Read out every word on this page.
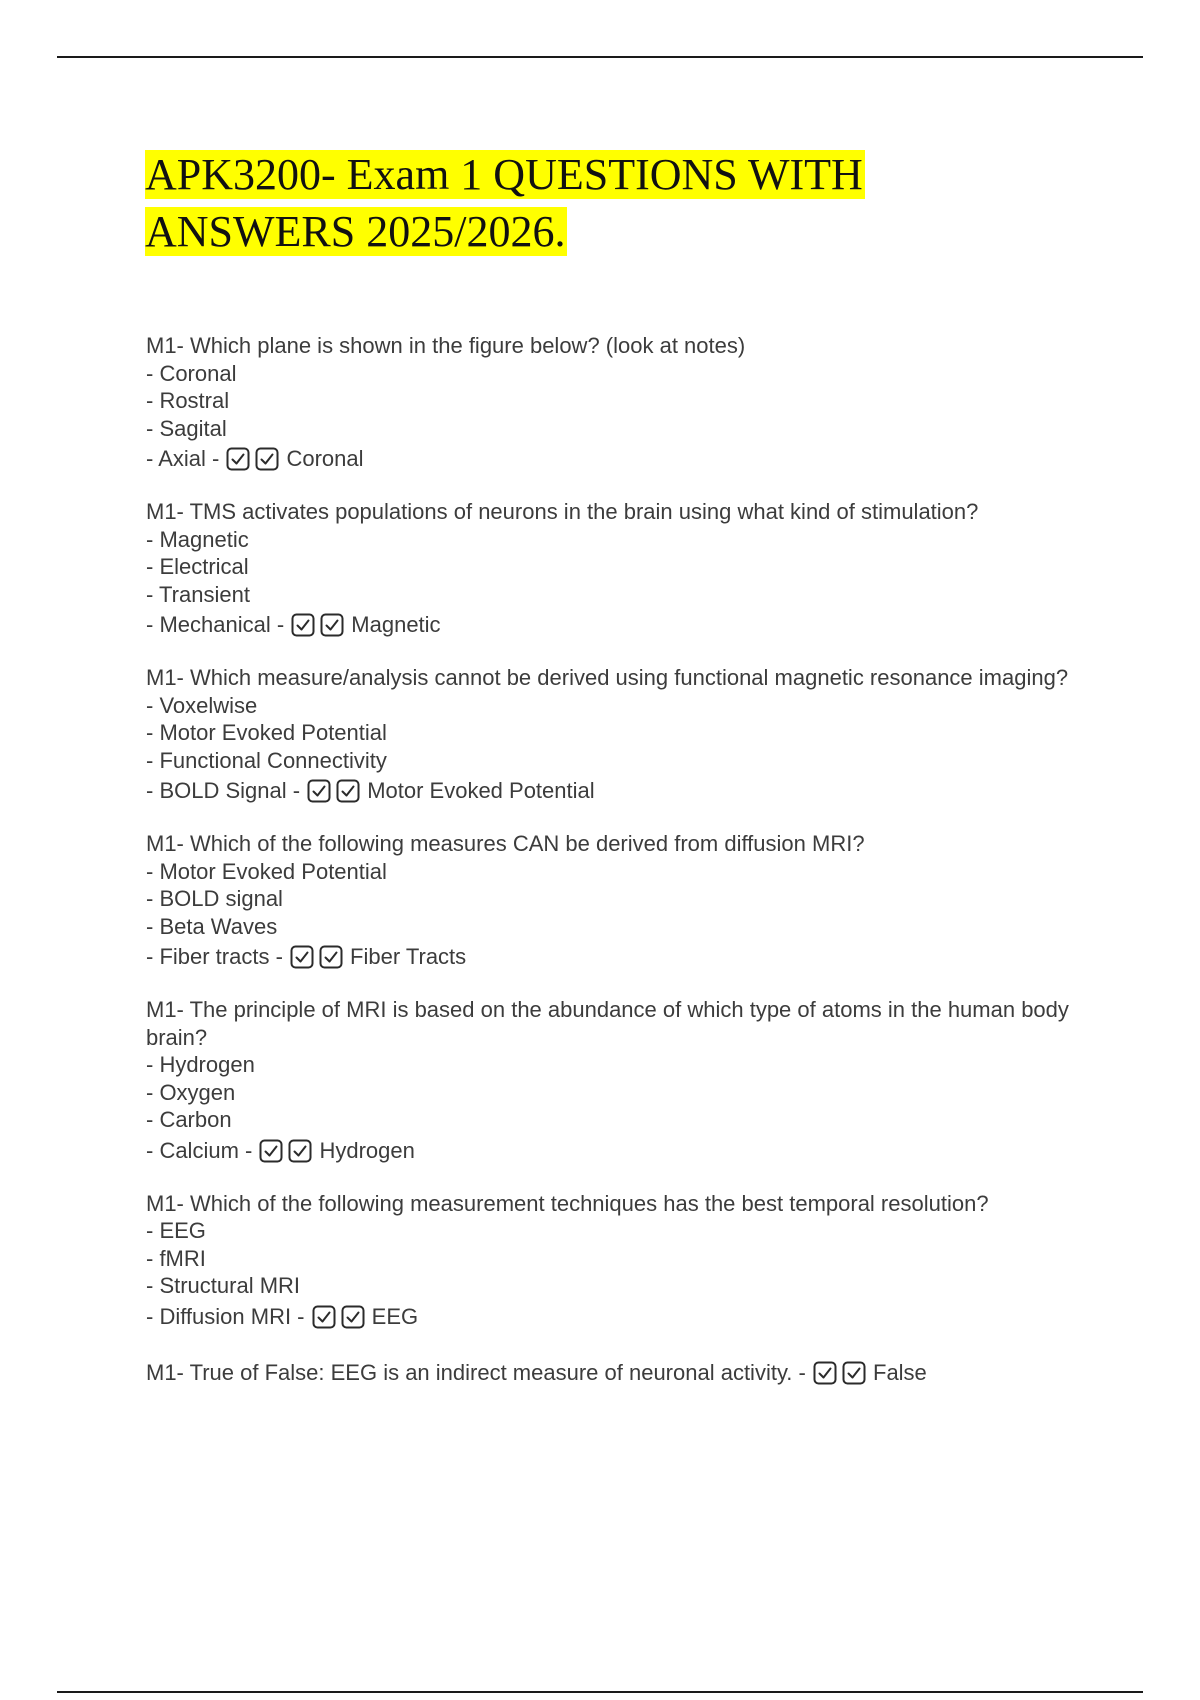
APK3200- Exam 1 QUESTIONS WITH
ANSWERS 2025/2026.
M1- Which plane is shown in the figure below? (look at notes)
- Coronal
- Rostral
- Sagital
- Axial -	Coronal
M1- TMS activates populations of neurons in the brain using what kind of stimulation?
- Magnetic
- Electrical
- Transient
- Mechanical -	Magnetic
M1- Which measure/analysis cannot be derived using functional magnetic resonance imaging?
- Voxelwise
- Motor Evoked Potential
- Functional Connectivity
- BOLD Signal -	Motor Evoked Potential
M1- Which of the following measures CAN be derived from diffusion MRI?
- Motor Evoked Potential
- BOLD signal
- Beta Waves
- Fiber tracts -	Fiber Tracts
M1- The principle of MRI is based on the abundance of which type of atoms in the human body brain?
- Hydrogen
- Oxygen
- Carbon
- Calcium -	Hydrogen
M1- Which of the following measurement techniques has the best temporal resolution?
- EEG
- fMRI
- Structural MRI
- Diffusion MRI -	EEG
M1- True of False: EEG is an indirect measure of neuronal activity. -	False
